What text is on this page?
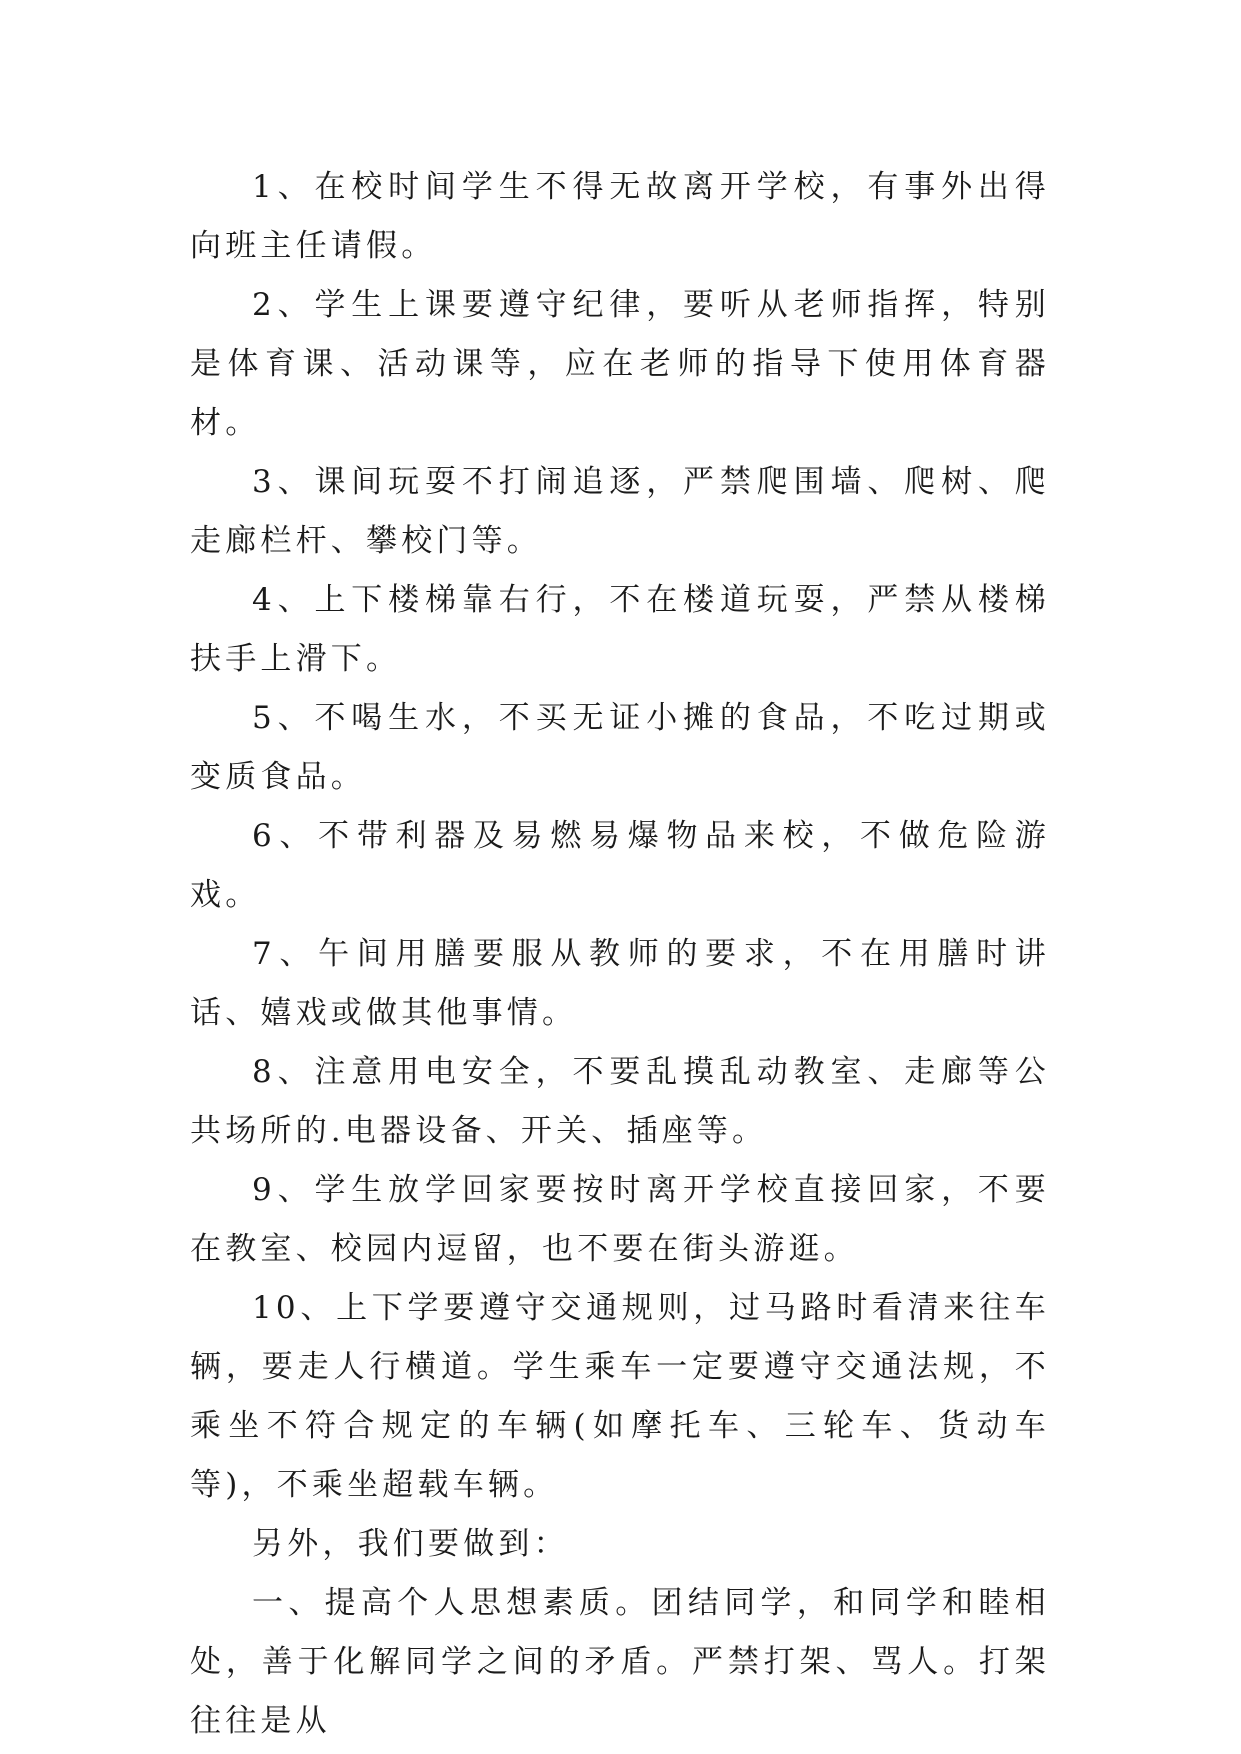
1、在校时间学生不得无故离开学校，有事外出得向班主任请假。

2、学生上课要遵守纪律，要听从老师指挥，特别是体育课、活动课等，应在老师的指导下使用体育器材。

3、课间玩耍不打闹追逐，严禁爬围墙、爬树、爬走廊栏杆、攀校门等。

4、上下楼梯靠右行，不在楼道玩耍，严禁从楼梯扶手上滑下。

5、不喝生水，不买无证小摊的食品，不吃过期或变质食品。

6、不带利器及易燃易爆物品来校，不做危险游戏。

7、午间用膳要服从教师的要求，不在用膳时讲话、嬉戏或做其他事情。

8、注意用电安全，不要乱摸乱动教室、走廊等公共场所的.电器设备、开关、插座等。

9、学生放学回家要按时离开学校直接回家，不要在教室、校园内逗留，也不要在街头游逛。

10、上下学要遵守交通规则，过马路时看清来往车辆，要走人行横道。学生乘车一定要遵守交通法规，不乘坐不符合规定的车辆(如摩托车、三轮车、货动车等)，不乘坐超载车辆。

另外，我们要做到：

一、提高个人思想素质。团结同学，和同学和睦相处，善于化解同学之间的矛盾。严禁打架、骂人。打架往往是从
